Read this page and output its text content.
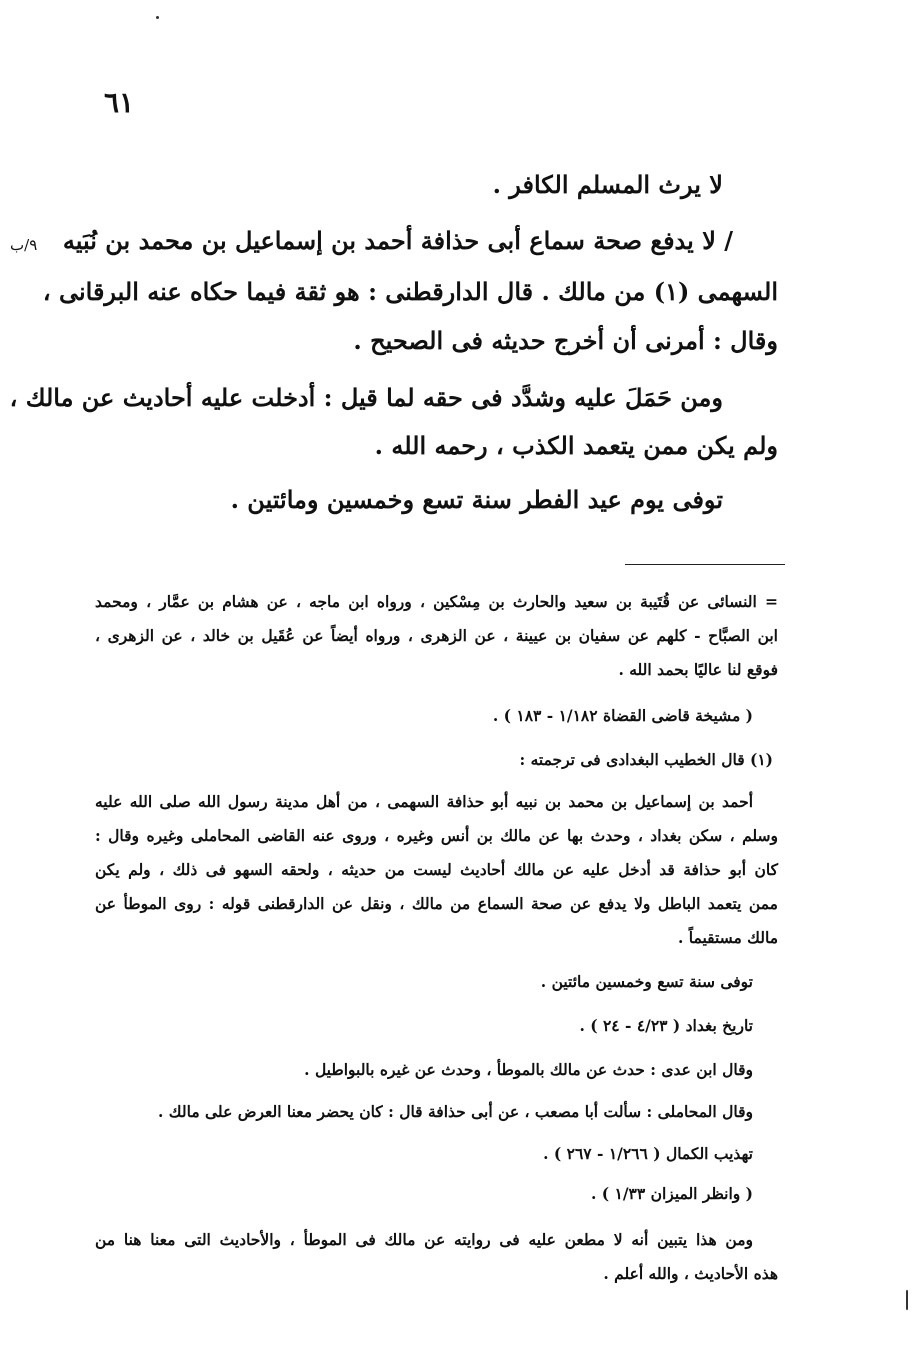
٦١
٩/ب
لا يرث المسلم الكافر .
/ لا يدفع صحة سماع أبى حذافة أحمد بن إسماعيل بن محمد بن نُبَيه
السهمى (١) من مالك . قال الدارقطنى : هو ثقة فيما حكاه عنه البرقانى ،
وقال : أمرنى أن أخرج حديثه فى الصحيح .
ومن حَمَلَ عليه وشدَّد فى حقه لما قيل : أدخلت عليه أحاديث عن مالك ،
ولم يكن ممن يتعمد الكذب ، رحمه الله .
توفى يوم عيد الفطر سنة تسع وخمسين ومائتين .
= النسائى عن قُتَيبة بن سعيد والحارث بن مِسْكين ، ورواه ابن ماجه ، عن هشام بن عمَّار ، ومحمد
ابن الصبَّاح - كلهم عن سفيان بن عيينة ، عن الزهرى ، ورواه أيضاً عن عُقَيل بن خالد ، عن الزهرى ،
فوقع لنا عاليًا بحمد الله .
( مشيخة قاضى القضاة ١/١٨٢ - ١٨٣ ) .
(١) قال الخطيب البغدادى فى ترجمته :
أحمد بن إسماعيل بن محمد بن نبيه أبو حذافة السهمى ، من أهل مدينة رسول الله صلى الله عليه
وسلم ، سكن بغداد ، وحدث بها عن مالك بن أنس وغيره ، وروى عنه القاضى المحاملى وغيره وقال :
كان أبو حذافة قد أدخل عليه عن مالك أحاديث ليست من حديثه ، ولحقه السهو فى ذلك ، ولم يكن
ممن يتعمد الباطل ولا يدفع عن صحة السماع من مالك ، ونقل عن الدارقطنى قوله : روى الموطأ عن
مالك مستقيماً .
توفى سنة تسع وخمسين مائتين .
تاريخ بغداد ( ٤/٢٣ - ٢٤ ) .
وقال ابن عدى : حدث عن مالك بالموطأ ، وحدث عن غيره بالبواطيل .
وقال المحاملى : سألت أبا مصعب ، عن أبى حذافة قال : كان يحضر معنا العرض على مالك .
تهذيب الكمال ( ١/٢٦٦ - ٢٦٧ ) .
( وانظر الميزان ١/٣٣ ) .
ومن هذا يتبين أنه لا مطعن عليه فى روايته عن مالك فى الموطأ ، والأحاديث التى معنا هنا من
هذه الأحاديث ، والله أعلم .
